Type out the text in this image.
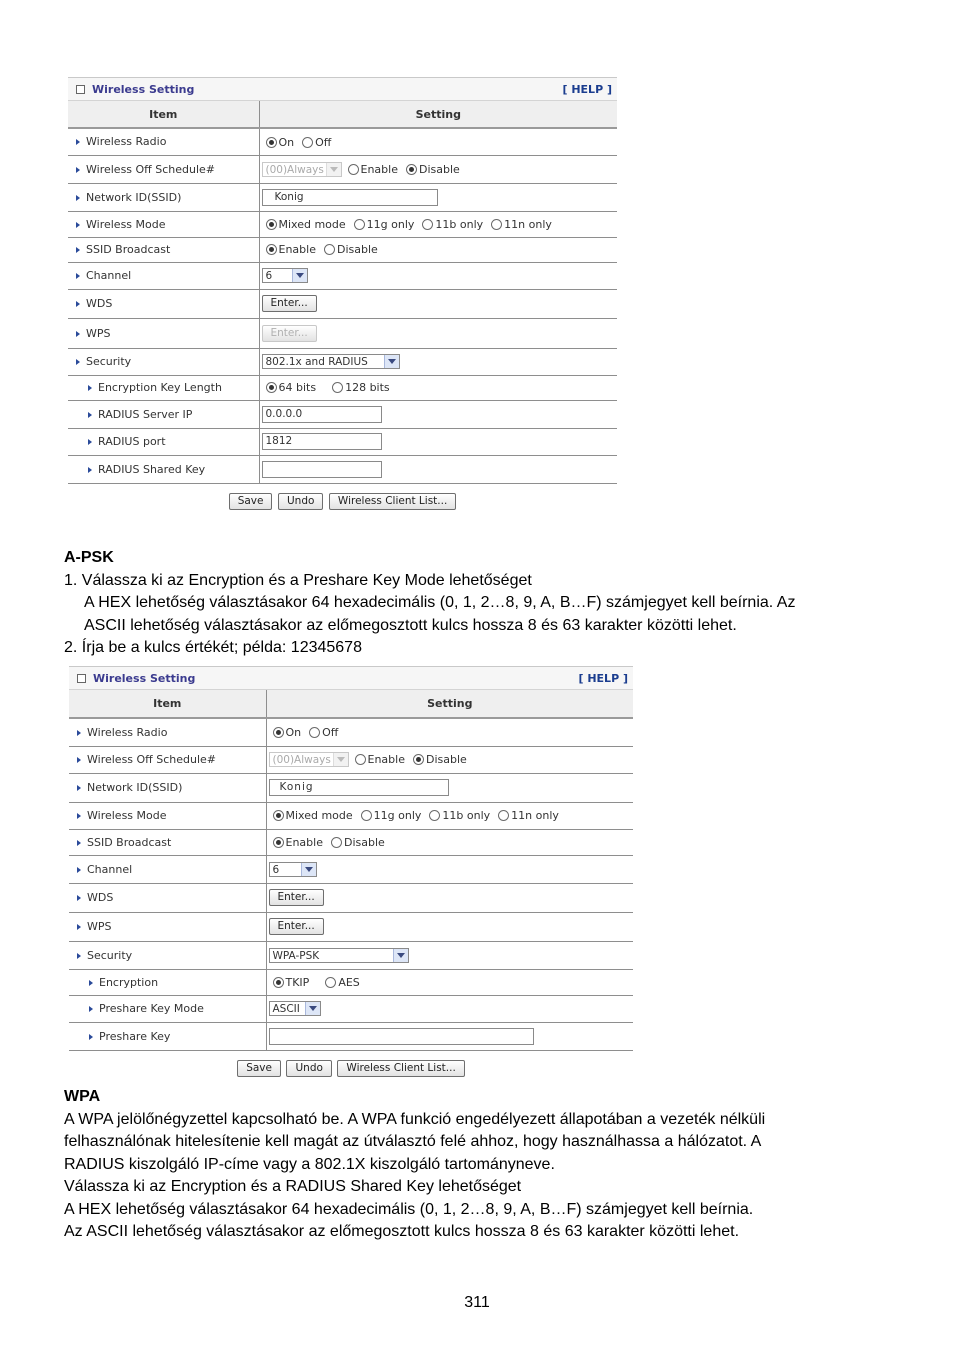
Wireless Setting	[ HELP ]
Item	Setting
Wireless Radio	On Off
Wireless Off Schedule#	(00)Always Enable Disable
Network ID(SSID)	Konig
Wireless Mode	Mixed mode 11g only 11b only 11n only
SSID Broadcast	Enable Disable
Channel	6

WDS	Enter...
WPS	Enter...
Security	802.1x and RADIUS

Encryption Key Length	64 bits 128 bits
RADIUS Server IP	0.0.0.0
RADIUS port	1812
RADIUS Shared Key	
Save Undo Wireless Client List...
A-PSK
1. Válassza ki az Encryption és a Preshare Key Mode lehetőséget
A HEX lehetőség választásakor 64 hexadecimális (0, 1, 2…8, 9, A, B…F) számjegyet kell beírnia. Az
ASCII lehetőség választásakor az előmegosztott kulcs hossza 8 és 63 karakter közötti lehet.
2. Írja be a kulcs értékét; példa: 12345678
Wireless Setting	[ HELP ]
Item	Setting
Wireless Radio	On Off
Wireless Off Schedule#	(00)Always Enable Disable
Network ID(SSID)	Konig
Wireless Mode	Mixed mode 11g only 11b only 11n only
SSID Broadcast	Enable Disable
Channel	6

WDS	Enter...
WPS	Enter...
Security	WPA-PSK

Encryption	TKIP AES
Preshare Key Mode	ASCII

Preshare Key	
Save Undo Wireless Client List...
WPA
A WPA jelölőnégyzettel kapcsolható be. A WPA funkció engedélyezett állapotában a vezeték nélküli
felhasználónak hitelesítenie kell magát az útválasztó felé ahhoz, hogy használhassa a hálózatot. A
RADIUS kiszolgáló IP-címe vagy a 802.1X kiszolgáló tartományneve.
Válassza ki az Encryption és a RADIUS Shared Key lehetőséget
A HEX lehetőség választásakor 64 hexadecimális (0, 1, 2…8, 9, A, B…F) számjegyet kell beírnia.
Az ASCII lehetőség választásakor az előmegosztott kulcs hossza 8 és 63 karakter közötti lehet.
311
